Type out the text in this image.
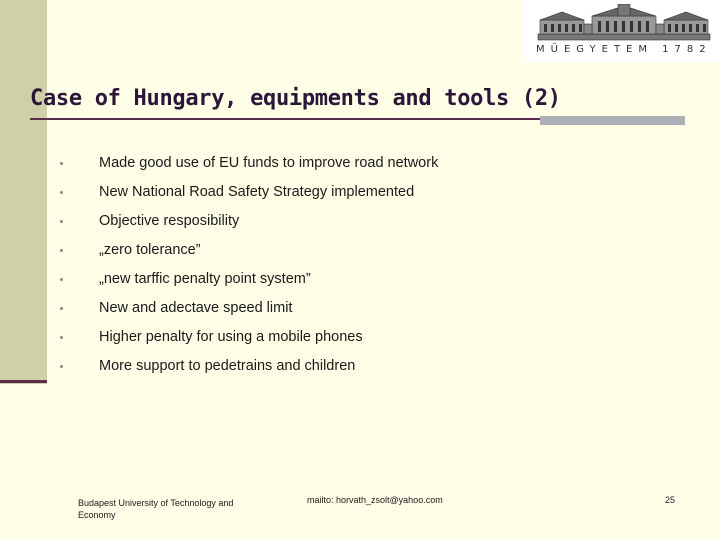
MŰEGYETEM 1782
Case of Hungary, equipments and tools (2)
Made good use of EU funds to improve road network
New National Road Safety Strategy implemented
Objective resposibility
„zero tolerance”
„new tarffic penalty point system”
New and adectave speed limit
Higher penalty for using a mobile phones
More support to pedetrains and children
Budapest University of Technology and Economy
mailto: horvath_zsolt@yahoo.com	25
